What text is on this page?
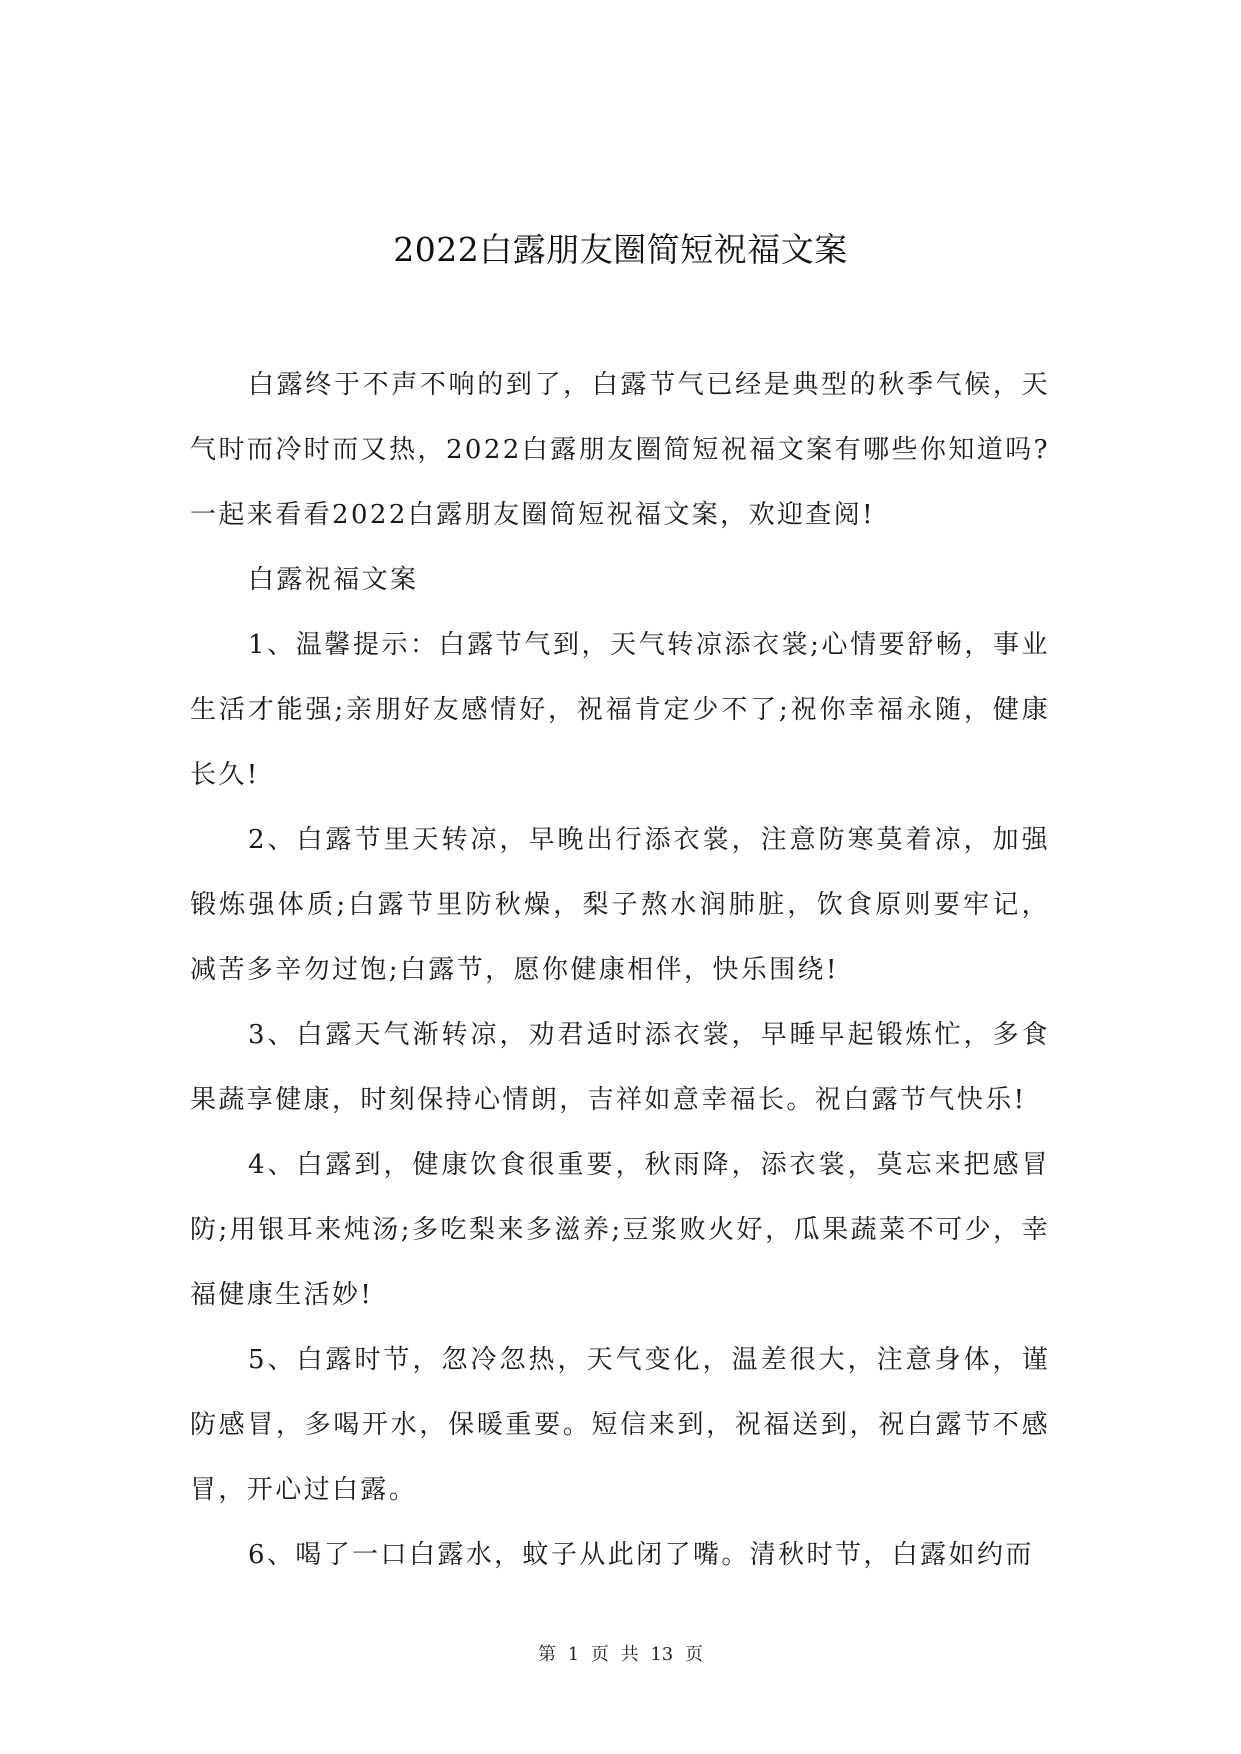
2022白露朋友圈简短祝福文案

白露终于不声不响的到了，白露节气已经是典型的秋季气候，天气时而冷时而又热，2022白露朋友圈简短祝福文案有哪些你知道吗?一起来看看2022白露朋友圈简短祝福文案，欢迎查阅!

白露祝福文案

1、温馨提示：白露节气到，天气转凉添衣裳;心情要舒畅，事业生活才能强;亲朋好友感情好，祝福肯定少不了;祝你幸福永随，健康长久!

2、白露节里天转凉，早晚出行添衣裳，注意防寒莫着凉，加强锻炼强体质;白露节里防秋燥，梨子熬水润肺脏，饮食原则要牢记，减苦多辛勿过饱;白露节，愿你健康相伴，快乐围绕!

3、白露天气渐转凉，劝君适时添衣裳，早睡早起锻炼忙，多食果蔬享健康，时刻保持心情朗，吉祥如意幸福长。祝白露节气快乐!

4、白露到，健康饮食很重要，秋雨降，添衣裳，莫忘来把感冒防;用银耳来炖汤;多吃梨来多滋养;豆浆败火好，瓜果蔬菜不可少，幸福健康生活妙!

5、白露时节，忽冷忽热，天气变化，温差很大，注意身体，谨防感冒，多喝开水，保暖重要。短信来到，祝福送到，祝白露节不感冒，开心过白露。

6、喝了一口白露水，蚊子从此闭了嘴。清秋时节，白露如约而

第 1 页 共 13 页
